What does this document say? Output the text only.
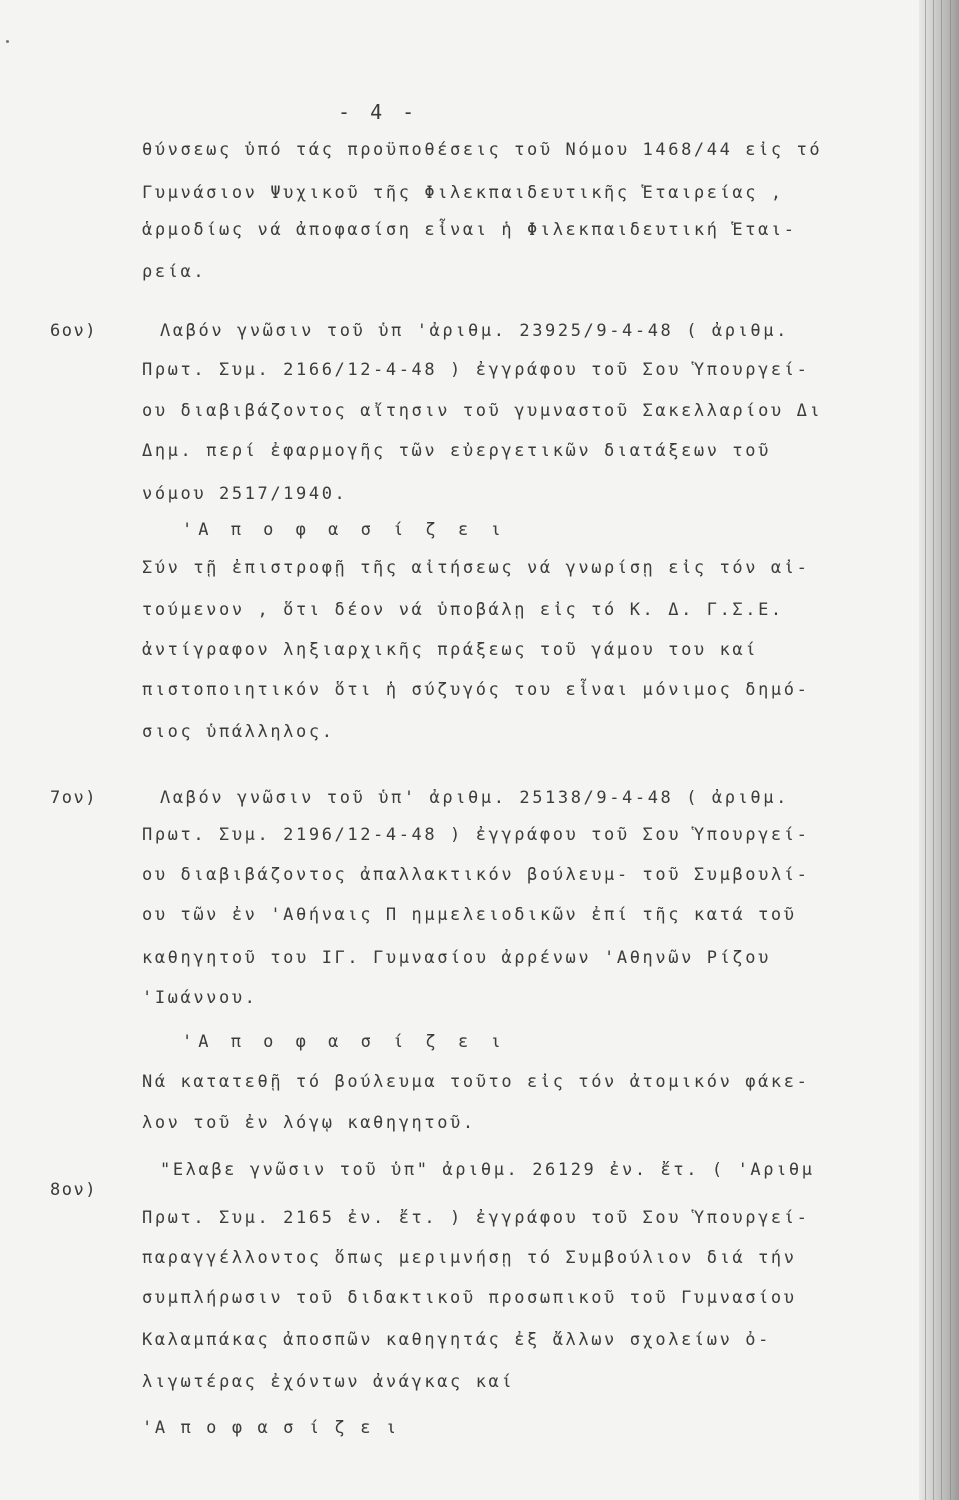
- 4 -
θύνσεως ὑπό τάς προϋποθέσεις τοῦ Νόμου 1468/44 εἰς τό
Γυμνάσιον Ψυχικοῦ τῆς Φιλεκπαιδευτικῆς Ἑταιρείας ,
ἁρμοδίως νά ἀποφασίση εἶναι ἡ Φιλεκπαιδευτική Ἑται-
ρεία.
6ον)	Λαβόν γνῶσιν τοῦ ὑπ 'ἀριθμ. 23925/9-4-48 ( ἀριθμ.
Πρωτ. Συμ. 2166/12-4-48 ) ἐγγράφου τοῦ Σου Ὑπουργεί-
ου διαβιβάζοντος αἴτησιν τοῦ γυμναστοῦ Σακελλαρίου Δι
Δημ. περί ἐφαρμογῆς τῶν εὐεργετικῶν διατάξεων τοῦ
νόμου 2517/1940.
'Α π ο φ α σ ί ζ ε ι
Σύν τῇ ἐπιστροφῇ τῆς αἰτήσεως νά γνωρίσῃ εἰς τόν αἰ-
τούμενον , ὅτι δέον νά ὑποβάλῃ εἰς τό Κ. Δ. Γ.Σ.Ε.
ἀντίγραφον ληξιαρχικῆς πράξεως τοῦ γάμου του καί
πιστοποιητικόν ὅτι ἡ σύζυγός του εἶναι μόνιμος δημό-
σιος ὑπάλληλος.
7ον)	Λαβόν γνῶσιν τοῦ ὑπ' ἀριθμ. 25138/9-4-48 ( ἀριθμ.
Πρωτ. Συμ. 2196/12-4-48 ) ἐγγράφου τοῦ Σου Ὑπουργεί-
ου διαβιβάζοντος ἀπαλλακτικόν βούλευμ- τοῦ Συμβουλί-
ου τῶν ἐν 'Αθήναις Π ημμελειοδικῶν ἐπί τῆς κατά τοῦ
καθηγητοῦ του ΙΓ. Γυμνασίου ἀρρένων 'Αθηνῶν Ρίζου
'Ιωάννου.
'Α π ο φ α σ ί ζ ε ι
Νά κατατεθῇ τό βούλευμα τοῦτο εἰς τόν ἀτομικόν φάκε-
λον τοῦ ἐν λόγῳ καθηγητοῦ.
8ον)
"Ελαβε γνῶσιν τοῦ ὑπ" ἀριθμ. 26129 ἐν. ἔτ. ( 'Αριθμ
Πρωτ. Συμ. 2165 ἐν. ἔτ. ) ἐγγράφου τοῦ Σου Ὑπουργεί-
παραγγέλλοντος ὅπως μεριμνήσῃ τό Συμβούλιον διά τήν
συμπλήρωσιν τοῦ διδακτικοῦ προσωπικοῦ τοῦ Γυμνασίου
Καλαμπάκας ἀποσπῶν καθηγητάς ἐξ ἄλλων σχολείων ὀ-
λιγωτέρας ἐχόντων ἀνάγκας καί
'Α π ο φ α σ ί ζ ε ι
